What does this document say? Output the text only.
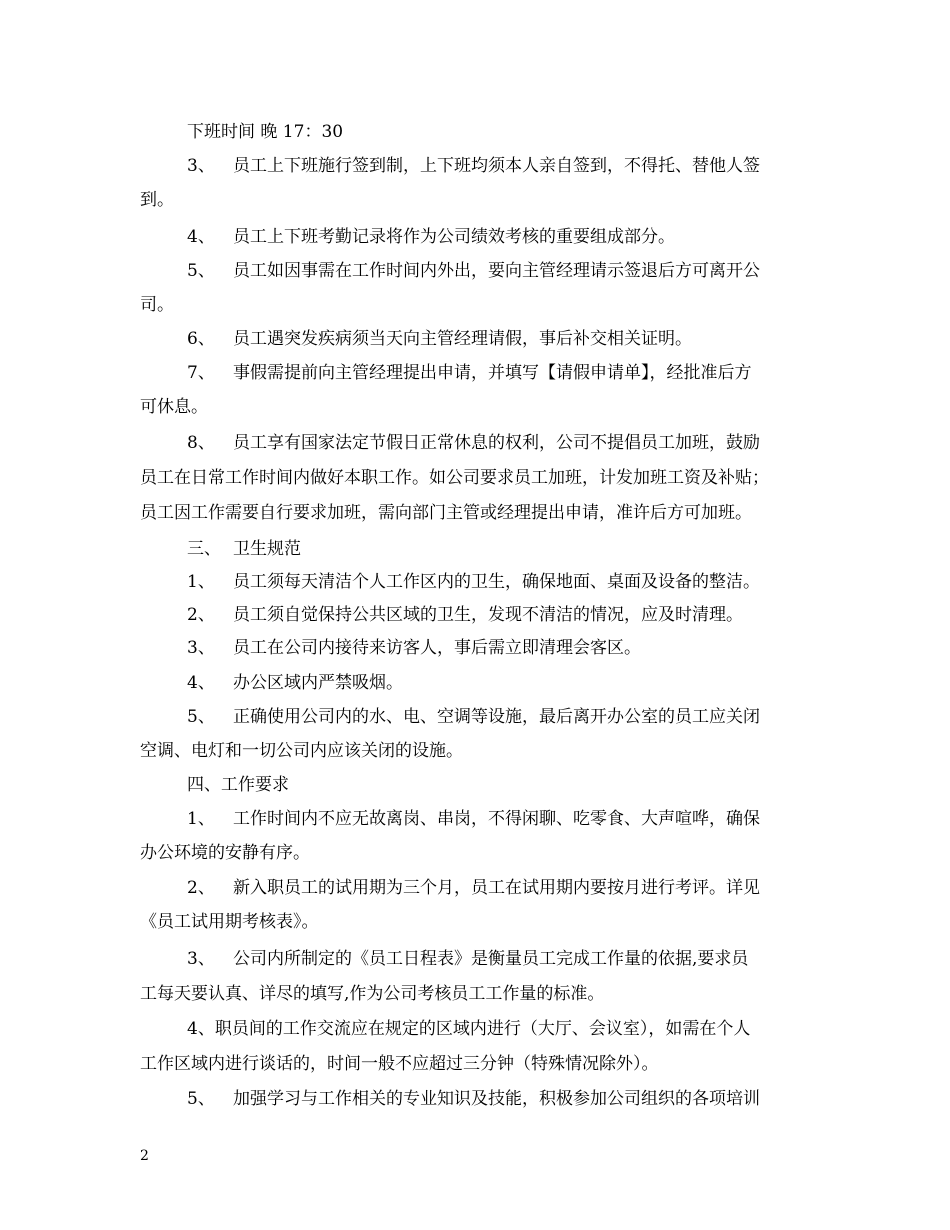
下班时间 晚 17：30
3、 员工上下班施行签到制，上下班均须本人亲自签到，不得托、替他人签
到。
4、 员工上下班考勤记录将作为公司绩效考核的重要组成部分。
5、 员工如因事需在工作时间内外出，要向主管经理请示签退后方可离开公
司。
6、 员工遇突发疾病须当天向主管经理请假，事后补交相关证明。
7、 事假需提前向主管经理提出申请，并填写【请假申请单】，经批准后方
可休息。
8、 员工享有国家法定节假日正常休息的权利，公司不提倡员工加班，鼓励
员工在日常工作时间内做好本职工作。如公司要求员工加班，计发加班工资及补贴；
员工因工作需要自行要求加班，需向部门主管或经理提出申请，准许后方可加班。
三、 卫生规范
1、 员工须每天清洁个人工作区内的卫生，确保地面、桌面及设备的整洁。
2、 员工须自觉保持公共区域的卫生，发现不清洁的情况，应及时清理。
3、 员工在公司内接待来访客人，事后需立即清理会客区。
4、 办公区域内严禁吸烟。
5、 正确使用公司内的水、电、空调等设施，最后离开办公室的员工应关闭
空调、电灯和一切公司内应该关闭的设施。
四、工作要求
1、 工作时间内不应无故离岗、串岗，不得闲聊、吃零食、大声喧哗，确保
办公环境的安静有序。
2、 新入职员工的试用期为三个月，员工在试用期内要按月进行考评。详见
《员工试用期考核表》。
3、 公司内所制定的《员工日程表》是衡量员工完成工作量的依据,要求员
工每天要认真、详尽的填写,作为公司考核员工工作量的标准。
4、职员间的工作交流应在规定的区域内进行（大厅、会议室），如需在个人
工作区域内进行谈话的，时间一般不应超过三分钟（特殊情况除外）。
5、 加强学习与工作相关的专业知识及技能，积极参加公司组织的各项培训
2
